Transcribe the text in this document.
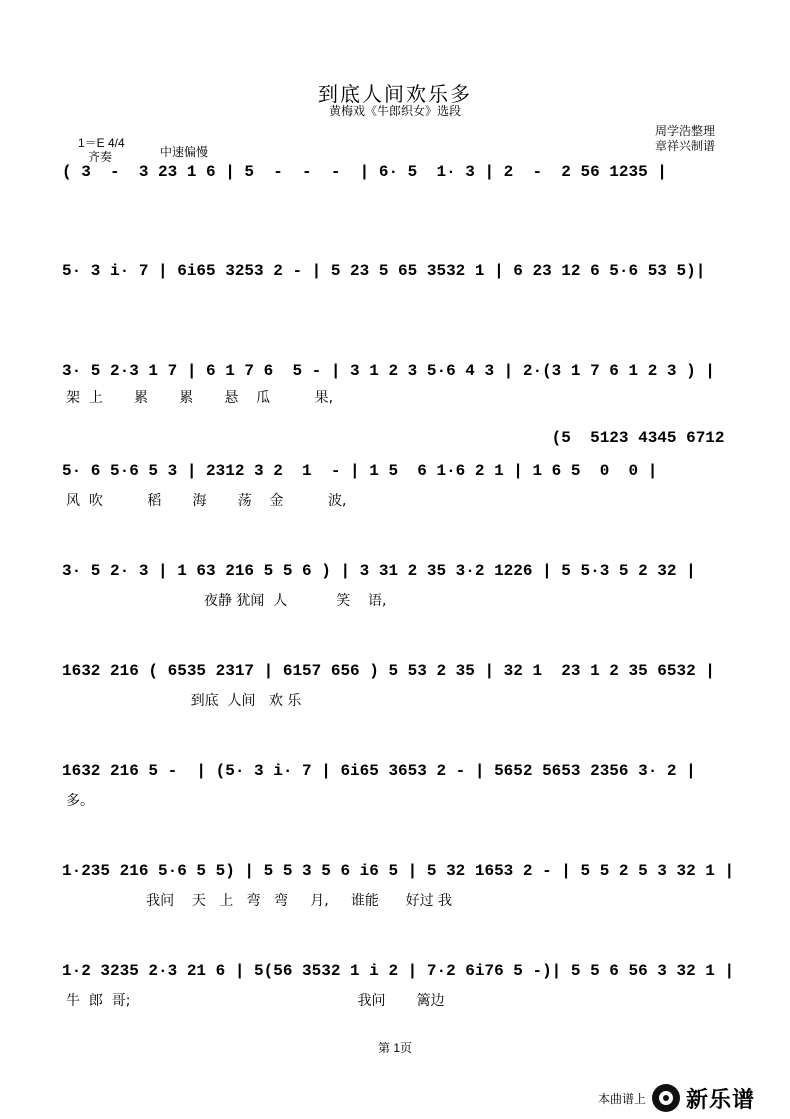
到底人间欢乐多
黄梅戏《牛郎织女》选段
1＝E 4/4
齐奏	中速偏慢
周学浩整理
章祥兴制谱
( 3  -  3 23 1 6 | 5  -  -  -  | 6· 5  1· 3 | 2  -  2 56 1235 |
5· 3 i· 7 | 6i65 3253 2 - | 5 23 5 65 3532 1 | 6 23 12 6 5·6 53 5)|
3· 5 2·3 1 7 | 6 1 7 6  5 - | 3 1 2 3 5·6 4 3 | 2·(3 1 7 6 1 2 3 ) |
架  上       累       累       悬    瓜          果,
(5  5123 4345 6712
5· 6 5·6 5 3 | 2312 3 2  1  - | 1 5  6 1·6 2 1 | 1 6 5  0  0 |
风  吹          稻       海       荡    金          波,
3· 5 2· 3 | 1 63 216 5 5 6 ) | 3 31 2 35 3·2 1226 | 5 5·3 5 2 32 |
夜静 犹闻  人           笑    语,
1632 216 ( 6535 2317 | 6157 656 ) 5 53 2 35 | 32 1  23 1 2 35 6532 |
到底  人间   欢 乐
1632 216 5 -  | (5· 3 i· 7 | 6i65 3653 2 - | 5652 5653 2356 3· 2 |
多。
1·235 216 5·6 5 5) | 5 5 3 5 6 i6 5 | 5 32 1653 2 - | 5 5 2 5 3 32 1 |
我问    天   上   弯   弯     月,     谁能      好过 我
1·2 3235 2·3 21 6 | 5(56 3532 1 i 2 | 7·2 6i76 5 -)| 5 5 6 56 3 32 1 |
牛  郎  哥;                                                   我问       篱边
第 1页
本曲谱上 新乐谱
